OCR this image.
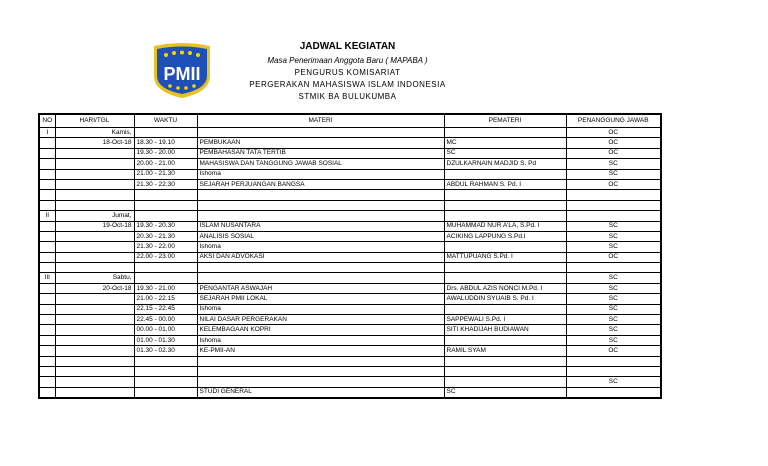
PMII
JADWAL KEGIATAN
Masa Penerimaan Anggota Baru ( MAPABA )
PENGURUS KOMISARIAT
PERGERAKAN MAHASISWA ISLAM INDONESIA
STMIK BA BULUKUMBA
NO	HARI/TGL	WAKTU	MATERI	PEMATERI	PENANGGUNG JAWAB
I	Kamis,				OC
	18-Oct-18	18.30 - 19.10	PEMBUKAAN	MC	OC
		19.30 - 20.00	PEMBAHASAN TATA TERTIB	SC	OC
		20.00 - 21.00	MAHASISWA DAN TANGGUNG JAWAB SOSIAL	DZULKARNAIN MADJID S. Pd	SC
		21.00 - 21.30	Ishoma		SC
		21.30 - 22.30	SEJARAH PERJUANGAN BANGSA	ABDUL RAHMAN S. Pd. I	OC

II	Jumat,				
	19-Oct-18	19.30 - 20.30	ISLAM NUSANTARA	MUHAMMAD NUR A'LA, S.Pd. I	SC
		20.30 - 21.30	ANALISIS SOSIAL	ACIKING LAPPUNG S.Pd.I	SC
		21.30 - 22.00	Ishoma		SC
		22.00 - 23.00	AKSI DAN ADVOKASI	MATTUPUANG S.Pd. I	OC

III	Sabtu,				SC
	20-Oct-18	19.30 - 21.00	PENGANTAR ASWAJAH	Drs. ABDUL AZIS NONCI M.Pd. I	SC
		21.00 - 22.15	SEJARAH PMII LOKAL	AWALUDDIN SYUAIB S. Pd. I	SC
		22.15 - 22.45	Ishoma		SC
		22.45 - 00.00	NILAI DASAR PERGERAKAN	SAPPEWALI S.Pd. I	SC
		00.00 - 01.00	KELEMBAGAAN KOPRI	SITI KHADIJAH BUDIAWAN	SC
		01.00 - 01.30	Ishoma		SC
		01.30 - 02.30	KE-PMII-AN	RAMIL SYAM	OC

					SC
			STUDI GENERAL	SC	
